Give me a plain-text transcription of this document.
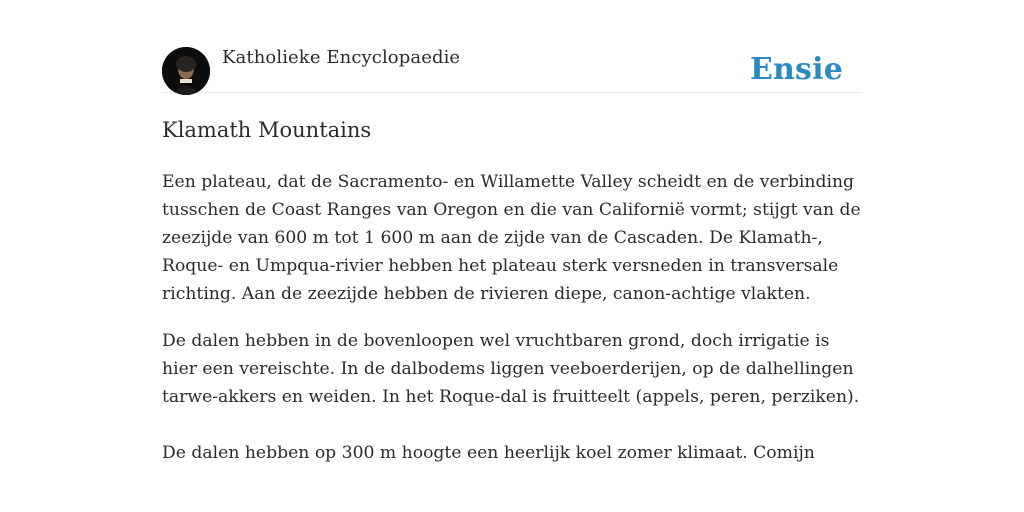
Katholieke Encyclopaedie	Ensie
Klamath Mountains

Een plateau, dat de Sacramento- en Willamette Valley scheidt en de verbinding tusschen de Coast Ranges van Oregon en die van Californië vormt; stijgt van de zeezijde van 600 m tot 1 600 m aan de zijde van de Cascaden. De Klamath-, Roque- en Umpqua-rivier hebben het plateau sterk versneden in transversale richting. Aan de zeezijde hebben de rivieren diepe, canon-achtige vlakten.

De dalen hebben in de bovenloopen wel vruchtbaren grond, doch irrigatie is hier een vereischte. In de dalbodems liggen veeboerderijen, op de dalhellingen tarwe-akkers en weiden. In het Roque-dal is fruitteelt (appels, peren, perziken).

De dalen hebben op 300 m hoogte een heerlijk koel zomer klimaat. Comijn
